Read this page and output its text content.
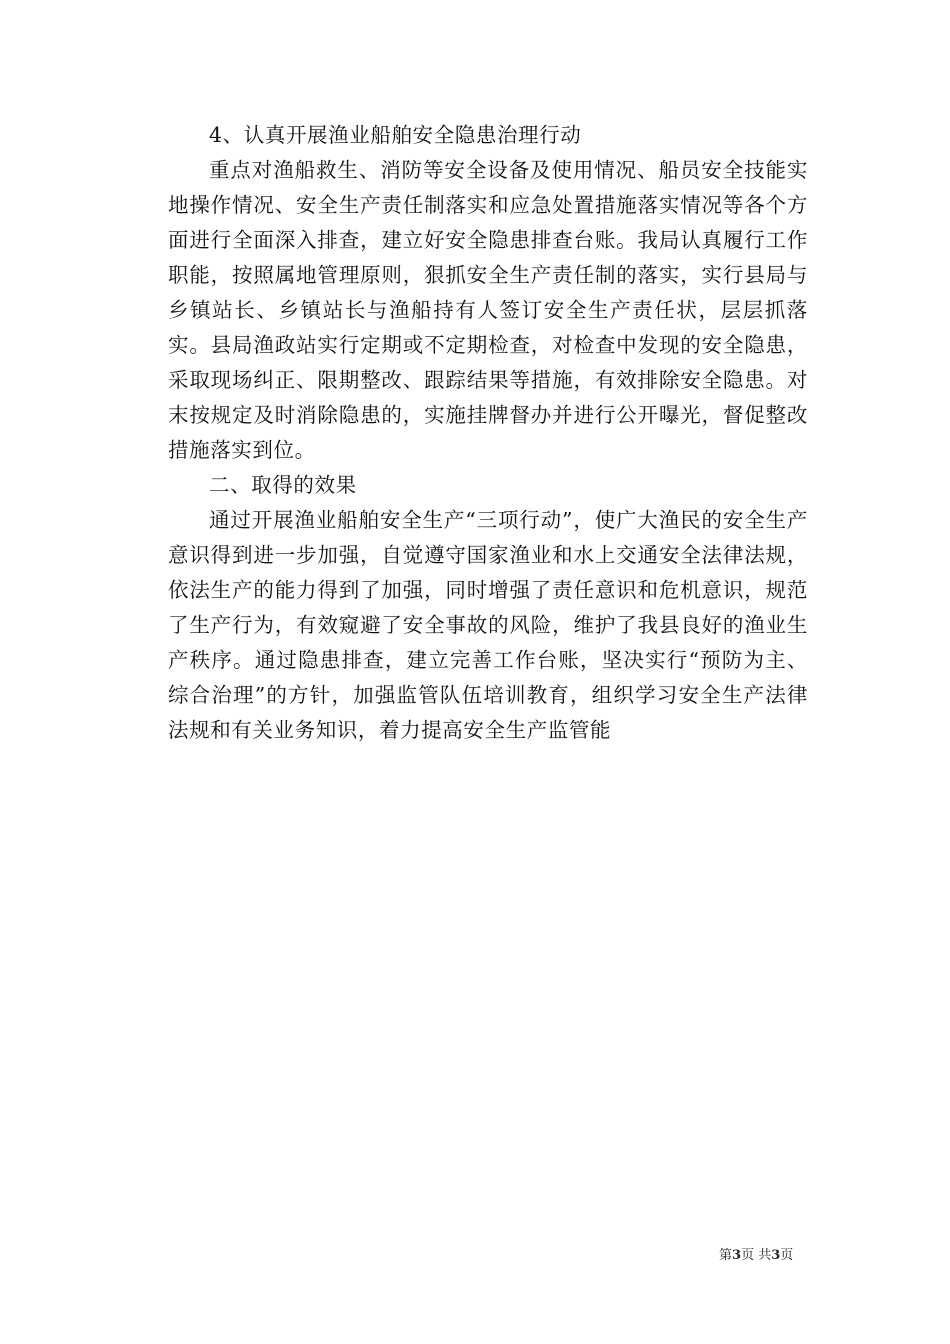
4、认真开展渔业船舶安全隐患治理行动

重点对渔船救生、消防等安全设备及使用情况、船员安全技能实地操作情况、安全生产责任制落实和应急处置措施落实情况等各个方面进行全面深入排查，建立好安全隐患排查台账。我局认真履行工作职能，按照属地管理原则，狠抓安全生产责任制的落实，实行县局与乡镇站长、乡镇站长与渔船持有人签订安全生产责任状，层层抓落实。县局渔政站实行定期或不定期检查，对检查中发现的安全隐患，采取现场纠正、限期整改、跟踪结果等措施，有效排除安全隐患。对末按规定及时消除隐患的，实施挂牌督办并进行公开曝光，督促整改措施落实到位。

二、取得的效果

通过开展渔业船舶安全生产“三项行动”，使广大渔民的安全生产意识得到进一步加强，自觉遵守国家渔业和水上交通安全法律法规，依法生产的能力得到了加强，同时增强了责任意识和危机意识，规范了生产行为，有效窥避了安全事故的风险，维护了我县良好的渔业生产秩序。通过隐患排查，建立完善工作台账，坚决实行“预防为主、综合治理”的方针，加强监管队伍培训教育，组织学习安全生产法律法规和有关业务知识，着力提高安全生产监管能

第3页 共3页
